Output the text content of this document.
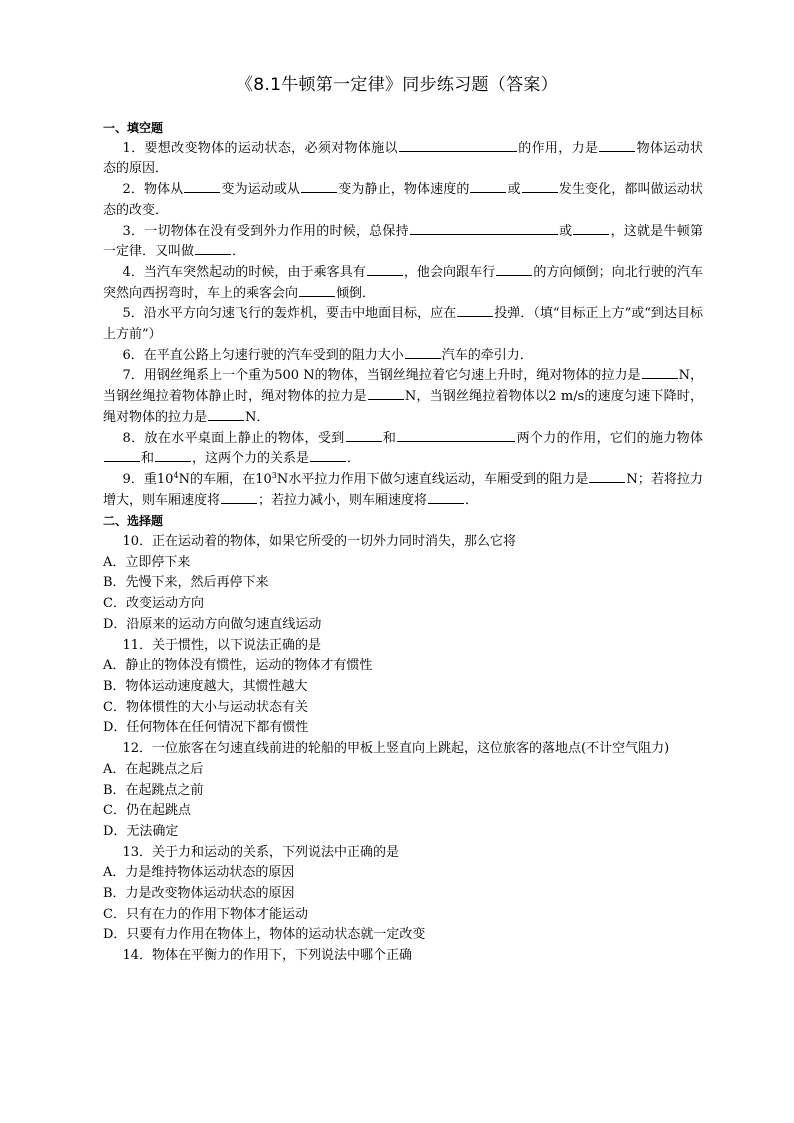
《8.1牛顿第一定律》同步练习题（答案）

一、填空题

1．要想改变物体的运动状态，必须对物体施以	的作用，力是	物体运动状态的原因．

2．物体从	变为运动或从	变为静止，物体速度的	或	发生变化，都叫做运动状态的改变．

3．一切物体在没有受到外力作用的时候，总保持	或	，这就是牛顿第一定律．又叫做	．

4．当汽车突然起动的时候，由于乘客具有	，他会向跟车行	的方向倾倒；向北行驶的汽车突然向西拐弯时，车上的乘客会向	倾倒．

5．沿水平方向匀速飞行的轰炸机，要击中地面目标，应在	投弹．（填“目标正上方”或“到达目标上方前”）

6．在平直公路上匀速行驶的汽车受到的阻力大小	汽车的牵引力．

7．用钢丝绳系上一个重为500 N的物体，当钢丝绳拉着它匀速上升时，绳对物体的拉力是	N，当钢丝绳拉着物体静止时，绳对物体的拉力是	N，当钢丝绳拉着物体以2 m/s的速度匀速下降时，绳对物体的拉力是	N．

8．放在水平桌面上静止的物体，受到	和	两个力的作用，它们的施力物体和	，这两个力的关系是	．

9．重$10^4N$的车厢，在$10^3N$水平拉力作用下做匀速直线运动，车厢受到的阻力是	N；若将拉力增大，则车厢速度将	；若拉力减小，则车厢速度将	．

二、选择题

10．正在运动着的物体，如果它所受的一切外力同时消失，那么它将

A．立即停下来

B．先慢下来，然后再停下来

C．改变运动方向

D．沿原来的运动方向做匀速直线运动

11．关于惯性，以下说法正确的是

A．静止的物体没有惯性，运动的物体才有惯性

B．物体运动速度越大，其惯性越大

C．物体惯性的大小与运动状态有关

D．任何物体在任何情况下都有惯性

12．一位旅客在匀速直线前进的轮船的甲板上竖直向上跳起，这位旅客的落地点(不计空气阻力)

A．在起跳点之后

B．在起跳点之前

C．仍在起跳点

D．无法确定

13．关于力和运动的关系，下列说法中正确的是

A．力是维持物体运动状态的原因

B．力是改变物体运动状态的原因

C．只有在力的作用下物体才能运动

D．只要有力作用在物体上，物体的运动状态就一定改变

14．物体在平衡力的作用下，下列说法中哪个正确
